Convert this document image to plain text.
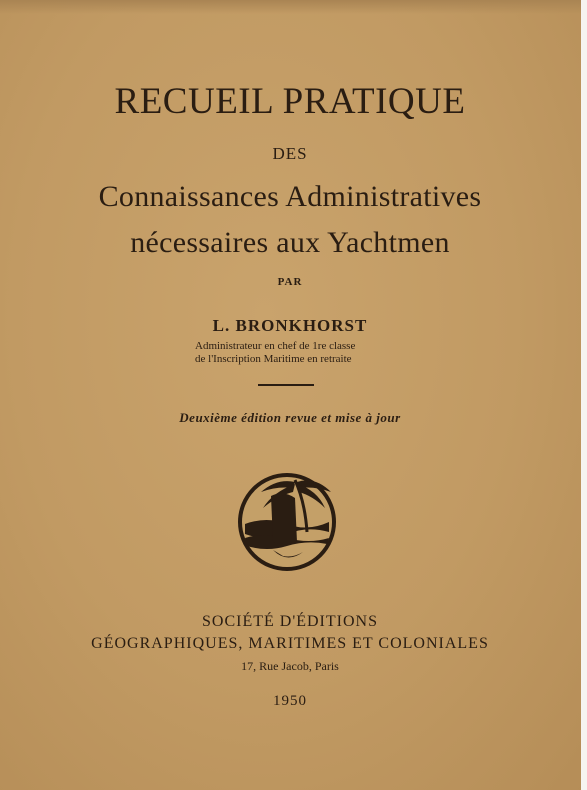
RECUEIL PRATIQUE
DES
Connaissances Administratives
nécessaires aux Yachtmen
PAR
L. BRONKHORST
Administrateur en chef de 1re classe
de l'Inscription Maritime en retraite
Deuxième édition revue et mise à jour
SOCIÉTÉ D'ÉDITIONS
GÉOGRAPHIQUES, MARITIMES ET COLONIALES
17, Rue Jacob, Paris
1950
